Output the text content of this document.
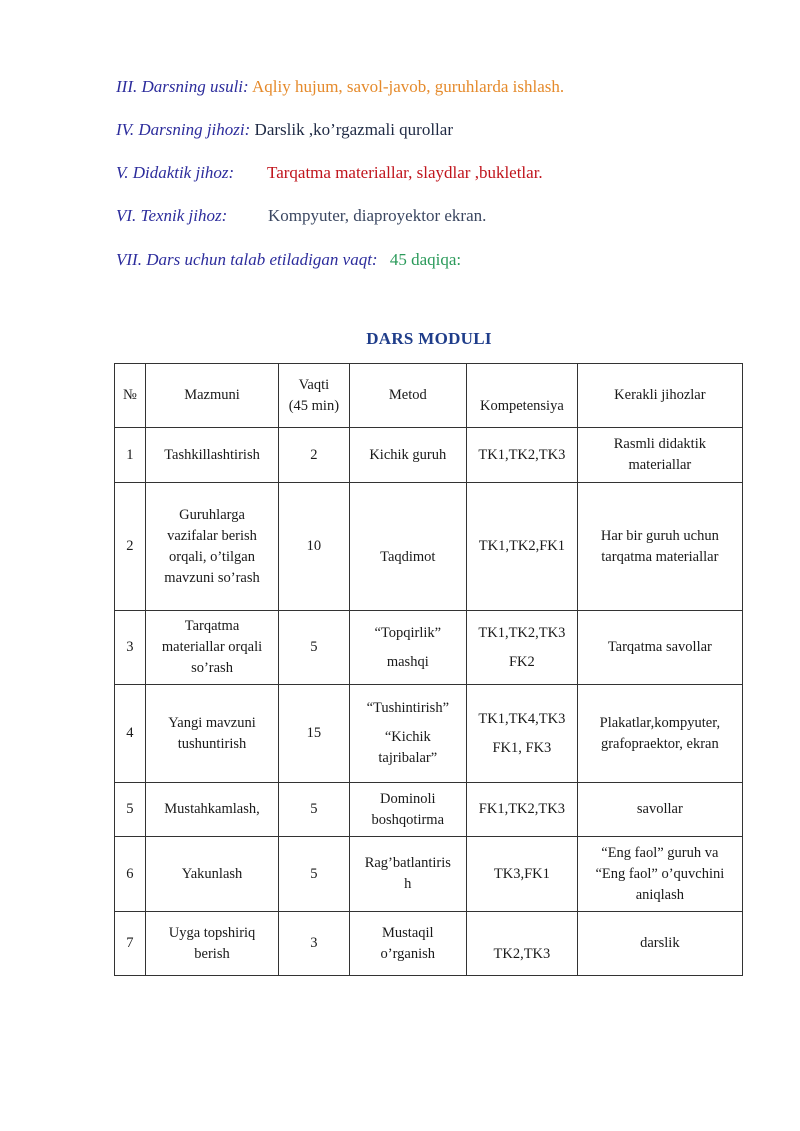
III. Darsning usuli: Aqliy hujum, savol-javob, guruhlarda ishlash.
IV. Darsning jihozi: Darslik ,ko’rgazmali qurollar
V. Didaktik jihoz: Tarqatma materiallar, slaydlar ,bukletlar.
VI. Texnik jihoz: Kompyuter, diaproyektor ekran.
VII. Dars uchun talab etiladigan vaqt: 45 daqiqa:
DARS MODULI
№	Mazmuni	Vaqti
(45 min)	Metod	Kompetensiya	Kerakli jihozlar
1	Tashkillashtirish	2	Kichik guruh	TK1,TK2,TK3	Rasmli didaktik
materiallar

2	Guruhlarga
vazifalar berish
orqali, o’tilgan
mavzuni so’rash	10	Taqdimot	TK1,TK2,FK1	Har bir guruh uchun
tarqatma materiallar

3	Tarqatma
materiallar orqali
so’rash	5	“Topqirlik”
mashqi	TK1,TK2,TK3
FK2	Tarqatma savollar

4	Yangi mavzuni
tushuntirish	15	“Tushintirish”
“Kichik
tajribalar”	TK1,TK4,TK3
FK1, FK3	Plakatlar,kompyuter,
grafopraektor, ekran

5	Mustahkamlash,	5	Dominoli
boshqotirma	FK1,TK2,TK3	savollar

6	Yakunlash	5	Rag’batlantiris
h	TK3,FK1	“Eng faol” guruh va
“Eng faol” o’quvchini
aniqlash

7	Uyga topshiriq
berish	3	Mustaqil
o’rganish	TK2,TK3	darslik
